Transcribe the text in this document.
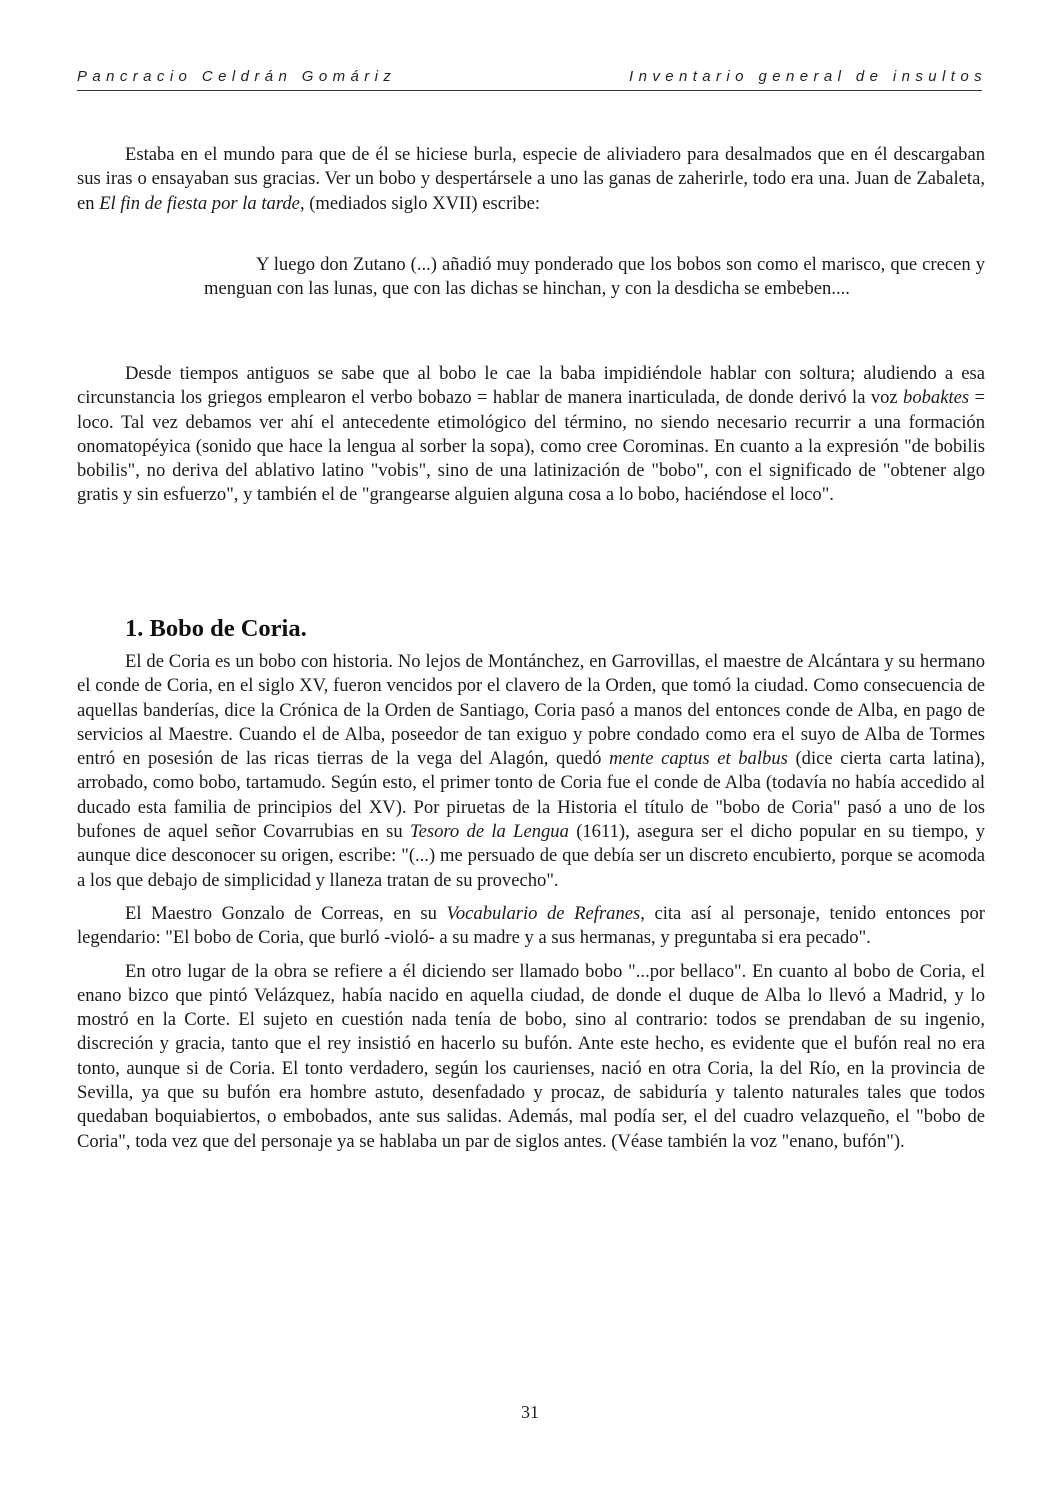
Pancracio Celdrán Gomáriz	Inventario general de insultos

Estaba en el mundo para que de él se hiciese burla, especie de aliviadero para desalmados que en él descargaban sus iras o ensayaban sus gracias. Ver un bobo y despertársele a uno las ganas de zaherirle, todo era una. Juan de Zabaleta, en El fin de fiesta por la tarde, (mediados siglo XVII) escribe:

Y luego don Zutano (...) añadió muy ponderado que los bobos son como el marisco, que crecen y menguan con las lunas, que con las dichas se hinchan, y con la desdicha se embeben....

Desde tiempos antiguos se sabe que al bobo le cae la baba impidiéndole hablar con soltura; aludiendo a esa circunstancia los griegos emplearon el verbo bobazo = hablar de manera inarticulada, de donde derivó la voz bobaktes = loco. Tal vez debamos ver ahí el antecedente etimológico del término, no siendo necesario recurrir a una formación onomatopéyica (sonido que hace la lengua al sorber la sopa), como cree Corominas. En cuanto a la expresión "de bobilis bobilis", no deriva del ablativo latino "vobis", sino de una latinización de "bobo", con el significado de "obtener algo gratis y sin esfuerzo", y también el de "grangearse alguien alguna cosa a lo bobo, haciéndose el loco".

1. Bobo de Coria.

El de Coria es un bobo con historia. No lejos de Montánchez, en Garrovillas, el maestre de Alcántara y su hermano el conde de Coria, en el siglo XV, fueron vencidos por el clavero de la Orden, que tomó la ciudad. Como consecuencia de aquellas banderías, dice la Crónica de la Orden de Santiago, Coria pasó a manos del entonces conde de Alba, en pago de servicios al Maestre. Cuando el de Alba, poseedor de tan exiguo y pobre condado como era el suyo de Alba de Tormes entró en posesión de las ricas tierras de la vega del Alagón, quedó mente captus et balbus (dice cierta carta latina), arrobado, como bobo, tartamudo. Según esto, el primer tonto de Coria fue el conde de Alba (todavía no había accedido al ducado esta familia de principios del XV). Por piruetas de la Historia el título de "bobo de Coria" pasó a uno de los bufones de aquel señor Covarrubias en su Tesoro de la Lengua (1611), asegura ser el dicho popular en su tiempo, y aunque dice desconocer su origen, escribe: "(...) me persuado de que debía ser un discreto encubierto, porque se acomoda a los que debajo de simplicidad y llaneza tratan de su provecho".

El Maestro Gonzalo de Correas, en su Vocabulario de Refranes, cita así al personaje, tenido entonces por legendario: "El bobo de Coria, que burló -violó- a su madre y a sus hermanas, y preguntaba si era pecado".

En otro lugar de la obra se refiere a él diciendo ser llamado bobo "...por bellaco". En cuanto al bobo de Coria, el enano bizco que pintó Velázquez, había nacido en aquella ciudad, de donde el duque de Alba lo llevó a Madrid, y lo mostró en la Corte. El sujeto en cuestión nada tenía de bobo, sino al contrario: todos se prendaban de su ingenio, discreción y gracia, tanto que el rey insistió en hacerlo su bufón. Ante este hecho, es evidente que el bufón real no era tonto, aunque si de Coria. El tonto verdadero, según los caurienses, nació en otra Coria, la del Río, en la provincia de Sevilla, ya que su bufón era hombre astuto, desenfadado y procaz, de sabiduría y talento naturales tales que todos quedaban boquiabiertos, o embobados, ante sus salidas. Además, mal podía ser, el del cuadro velazqueño, el "bobo de Coria", toda vez que del personaje ya se hablaba un par de siglos antes. (Véase también la voz "enano, bufón").

31
